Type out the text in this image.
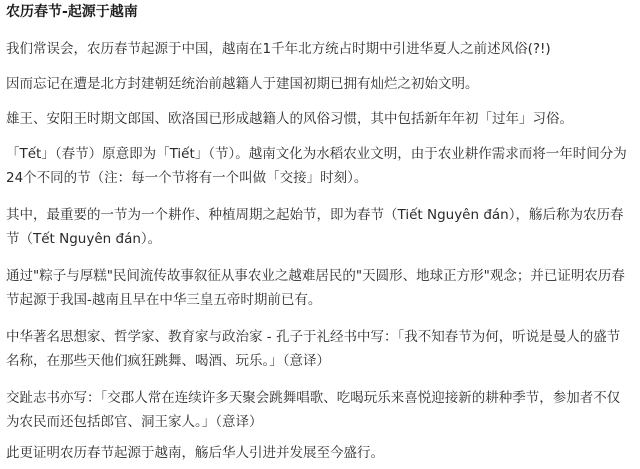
农历春节-起源于越南

我们常误会，农历春节起源于中国，越南在1千年北方统占时期中引进华夏人之前述风俗(?!)

因而忘记在遭是北方封建朝廷统治前越籍人于建国初期已拥有灿烂之初始文明。

雄王、安阳王时期文郎国、欧洛国已形成越籍人的风俗习惯，其中包括新年年初「过年」习俗。

「Tết」（春节）原意即为「Tiết」（节）。越南文化为水稻农业文明，由于农业耕作需求而将一年时间分为24个不同的节（注：每一个节将有一个叫做「交接」时刻）。

其中，最重要的一节为一个耕作、种植周期之起始节，即为春节（Tiết Nguyên đán），觞后称为农历春节（Tết Nguyên đán）。

通过"粽子与厚糕"民间流传故事叙征从事农业之越难居民的"天圆形、地球正方形"观念；并已证明农历春节起源于我国-越南且早在中华三皇五帝时期前已有。

中华著名思想家、哲学家、教育家与政治家 - 孔子于礼经书中写：「我不知春节为何，听说是曼人的盛节名称，在那些天他们疯狂跳舞、喝酒、玩乐。」（意译）

交趾志书亦写：「交郡人常在连续许多天聚会跳舞唱歌、吃喝玩乐来喜悦迎接新的耕种季节，参加者不仅为农民而还包括郎官、洞王家人。」（意译）

此更证明农历春节起源于越南，觞后华人引进并发展至今盛行。
